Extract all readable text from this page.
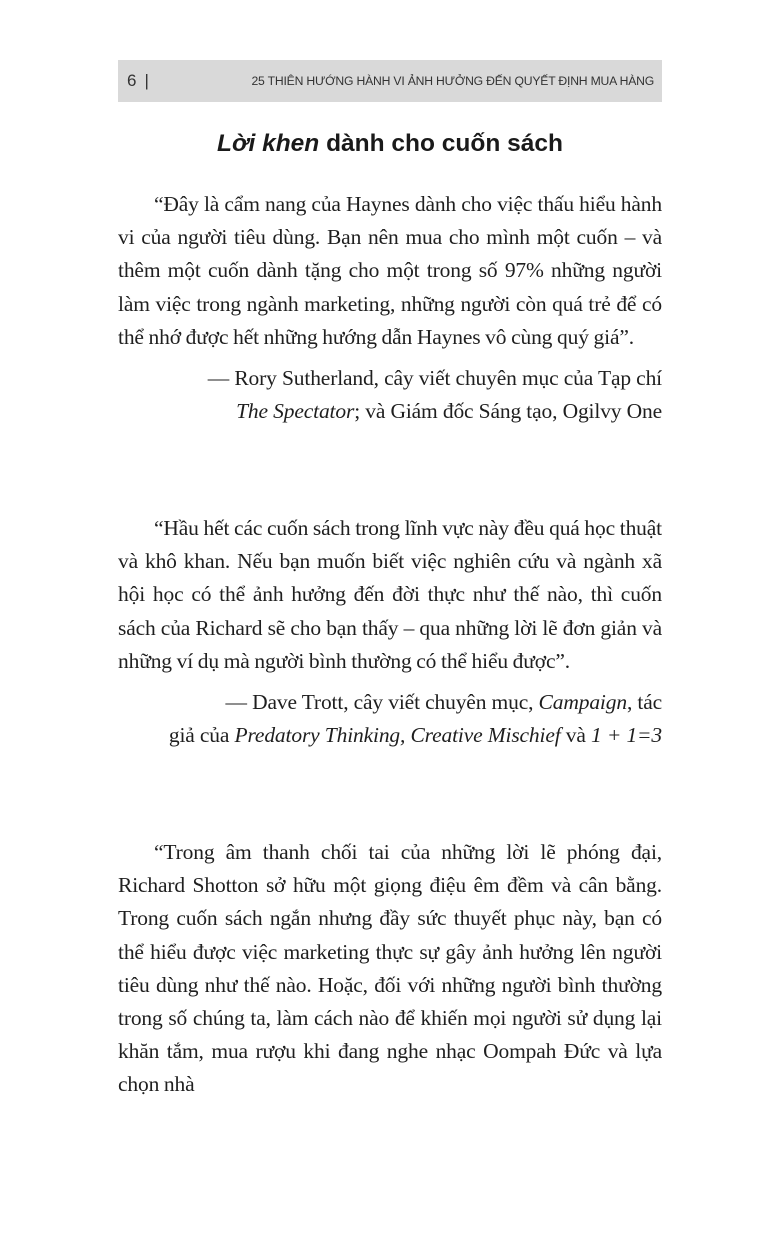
6 |	25 THIÊN HƯỚNG HÀNH VI ẢNH HƯỞNG ĐẾN QUYẾT ĐỊNH MUA HÀNG
Lời khen dành cho cuốn sách

“Đây là cẩm nang của Haynes dành cho việc thấu hiểu hành vi của người tiêu dùng. Bạn nên mua cho mình một cuốn – và thêm một cuốn dành tặng cho một trong số 97% những người làm việc trong ngành marketing, những người còn quá trẻ để có thể nhớ được hết những hướng dẫn Haynes vô cùng quý giá”.

— Rory Sutherland, cây viết chuyên mục của Tạp chí
The Spectator; và Giám đốc Sáng tạo, Ogilvy One

“Hầu hết các cuốn sách trong lĩnh vực này đều quá học thuật và khô khan. Nếu bạn muốn biết việc nghiên cứu và ngành xã hội học có thể ảnh hưởng đến đời thực như thế nào, thì cuốn sách của Richard sẽ cho bạn thấy – qua những lời lẽ đơn giản và những ví dụ mà người bình thường có thể hiểu được”.

— Dave Trott, cây viết chuyên mục, Campaign, tác
giả của Predatory Thinking, Creative Mischief và 1 + 1=3

“Trong âm thanh chối tai của những lời lẽ phóng đại, Richard Shotton sở hữu một giọng điệu êm đềm và cân bằng. Trong cuốn sách ngắn nhưng đầy sức thuyết phục này, bạn có thể hiểu được việc marketing thực sự gây ảnh hưởng lên người tiêu dùng như thế nào. Hoặc, đối với những người bình thường trong số chúng ta, làm cách nào để khiến mọi người sử dụng lại khăn tắm, mua rượu khi đang nghe nhạc Oompah Đức và lựa chọn nhà
